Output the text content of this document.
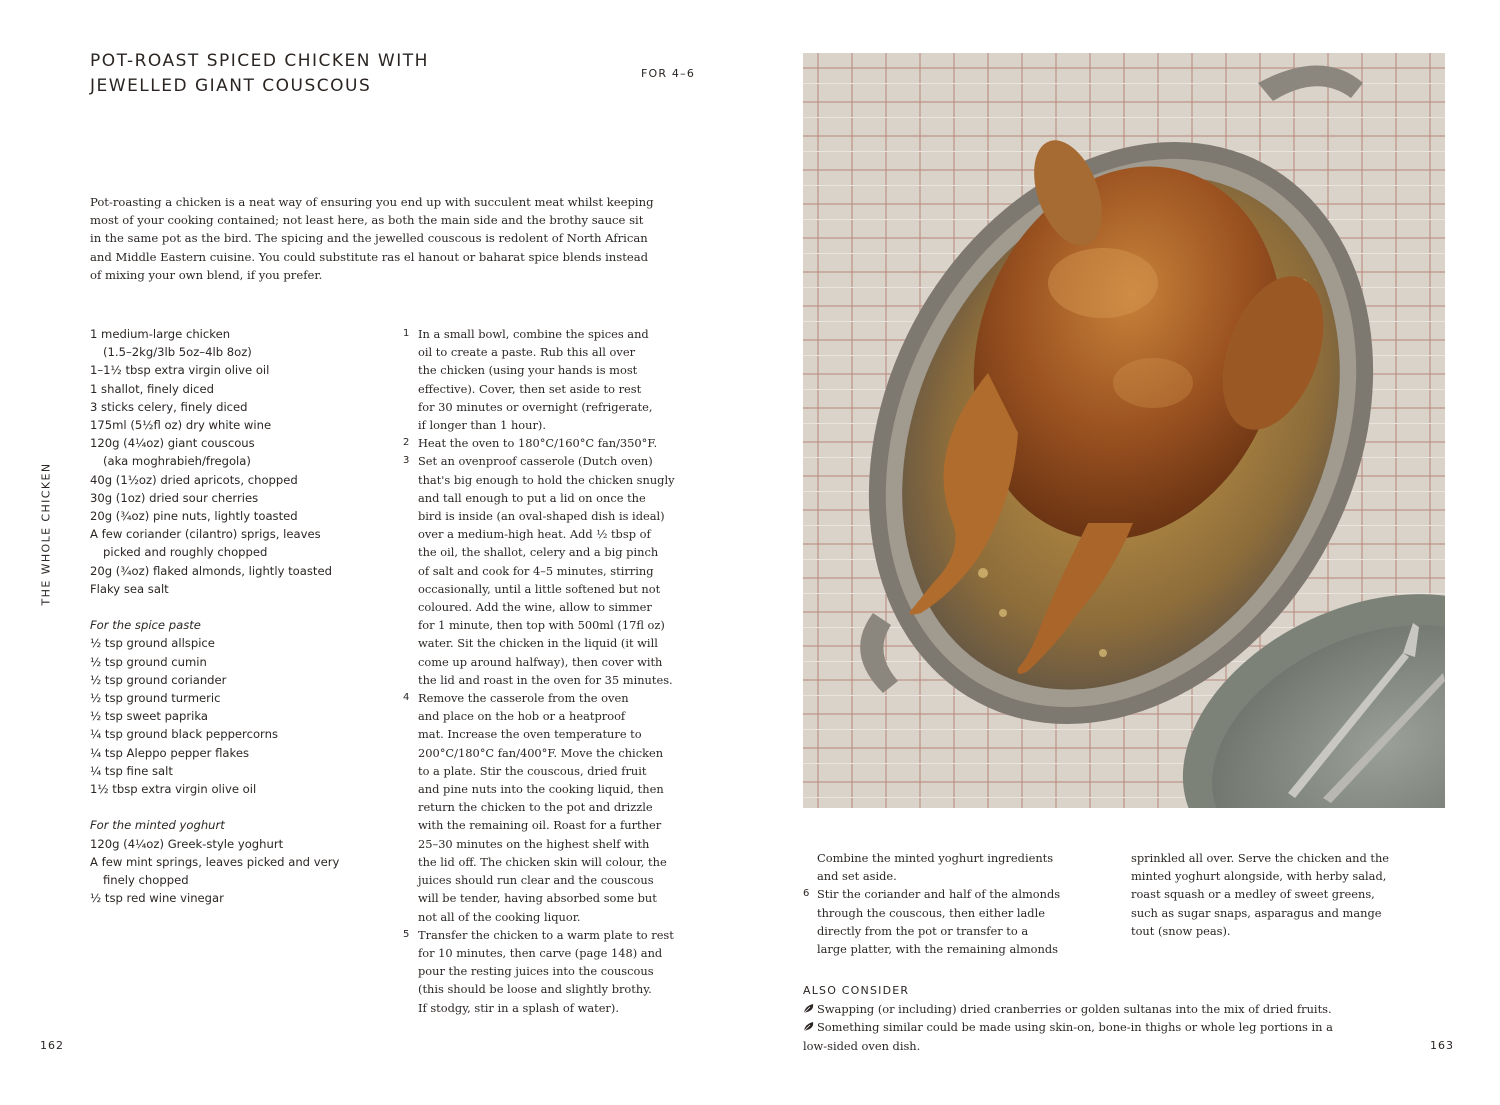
POT-ROAST SPICED CHICKEN WITH
JEWELLED GIANT COUSCOUS
FOR 4–6

Pot-roasting a chicken is a neat way of ensuring you end up with succulent meat whilst keeping
most of your cooking contained; not least here, as both the main side and the brothy sauce sit
in the same pot as the bird. The spicing and the jewelled couscous is redolent of North African
and Middle Eastern cuisine. You could substitute ras el hanout or baharat spice blends instead
of mixing your own blend, if you prefer.

1 medium-large chicken
(1.5–2kg/3lb 5oz–4lb 8oz)
1–1½ tbsp extra virgin olive oil
1 shallot, finely diced
3 sticks celery, finely diced
175ml (5½fl oz) dry white wine
120g (4¼oz) giant couscous
(aka moghrabieh/fregola)
40g (1½oz) dried apricots, chopped
30g (1oz) dried sour cherries
20g (¾oz) pine nuts, lightly toasted
A few coriander (cilantro) sprigs, leaves
picked and roughly chopped
20g (¾oz) flaked almonds, lightly toasted
Flaky sea salt
For the spice paste
½ tsp ground allspice
½ tsp ground cumin
½ tsp ground coriander
½ tsp ground turmeric
½ tsp sweet paprika
¼ tsp ground black peppercorns
¼ tsp Aleppo pepper flakes
¼ tsp fine salt
1½ tbsp extra virgin olive oil
For the minted yoghurt
120g (4¼oz) Greek-style yoghurt
A few mint springs, leaves picked and very
finely chopped
½ tsp red wine vinegar
1 In a small bowl, combine the spices and
oil to create a paste. Rub this all over
the chicken (using your hands is most
effective). Cover, then set aside to rest
for 30 minutes or overnight (refrigerate,
if longer than 1 hour).
2 Heat the oven to 180°C/160°C fan/350°F.
3 Set an ovenproof casserole (Dutch oven)
that's big enough to hold the chicken snugly
and tall enough to put a lid on once the
bird is inside (an oval-shaped dish is ideal)
over a medium-high heat. Add ½ tbsp of
the oil, the shallot, celery and a big pinch
of salt and cook for 4–5 minutes, stirring
occasionally, until a little softened but not
coloured. Add the wine, allow to simmer
for 1 minute, then top with 500ml (17fl oz)
water. Sit the chicken in the liquid (it will
come up around halfway), then cover with
the lid and roast in the oven for 35 minutes.
4 Remove the casserole from the oven
and place on the hob or a heatproof
mat. Increase the oven temperature to
200°C/180°C fan/400°F. Move the chicken
to a plate. Stir the couscous, dried fruit
and pine nuts into the cooking liquid, then
return the chicken to the pot and drizzle
with the remaining oil. Roast for a further
25–30 minutes on the highest shelf with
the lid off. The chicken skin will colour, the
juices should run clear and the couscous
will be tender, having absorbed some but
not all of the cooking liquor.
5 Transfer the chicken to a warm plate to rest
for 10 minutes, then carve (page 148) and
pour the resting juices into the couscous
(this should be loose and slightly brothy.
If stodgy, stir in a splash of water).
THE WHOLE CHICKEN
162	163
Combine the minted yoghurt ingredients
and set aside.
6 Stir the coriander and half of the almonds
through the couscous, then either ladle
directly from the pot or transfer to a
large platter, with the remaining almonds
sprinkled all over. Serve the chicken and the
minted yoghurt alongside, with herby salad,
roast squash or a medley of sweet greens,
such as sugar snaps, asparagus and mange
tout (snow peas).
ALSO CONSIDER

Swapping (or including) dried cranberries or golden sultanas into the mix of dried fruits.

Something similar could be made using skin-on, bone-in thighs or whole leg portions in a
low-sided oven dish.
